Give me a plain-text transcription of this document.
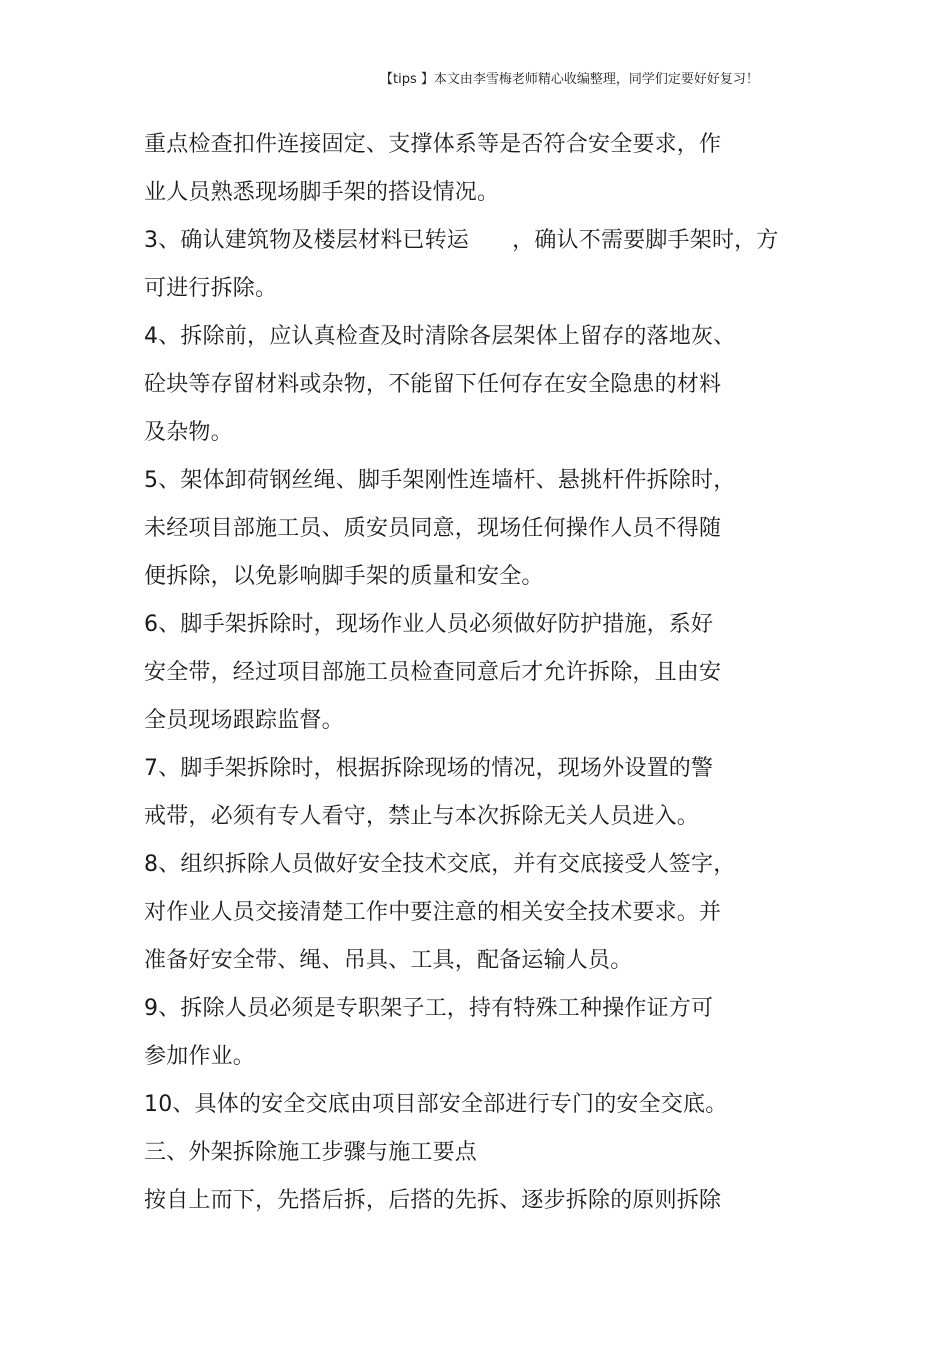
【tips 】本文由李雪梅老师精心收编整理，同学们定要好好复习！
重点检查扣件连接固定、支撑体系等是否符合安全要求，作
业人员熟悉现场脚手架的搭设情况。
3、确认建筑物及楼层材料已转运      ，确认不需要脚手架时，方
可进行拆除。
4、拆除前，应认真检查及时清除各层架体上留存的落地灰、
砼块等存留材料或杂物，不能留下任何存在安全隐患的材料
及杂物。
5、架体卸荷钢丝绳、脚手架刚性连墙杆、悬挑杆件拆除时，
未经项目部施工员、质安员同意，现场任何操作人员不得随
便拆除，以免影响脚手架的质量和安全。
6、脚手架拆除时，现场作业人员必须做好防护措施，系好
安全带，经过项目部施工员检查同意后才允许拆除，且由安
全员现场跟踪监督。
7、脚手架拆除时，根据拆除现场的情况，现场外设置的警
戒带，必须有专人看守，禁止与本次拆除无关人员进入。
8、组织拆除人员做好安全技术交底，并有交底接受人签字，
对作业人员交接清楚工作中要注意的相关安全技术要求。并
准备好安全带、绳、吊具、工具，配备运输人员。
9、拆除人员必须是专职架子工，持有特殊工种操作证方可
参加作业。
10、具体的安全交底由项目部安全部进行专门的安全交底。
三、外架拆除施工步骤与施工要点
按自上而下，先搭后拆，后搭的先拆、逐步拆除的原则拆除
